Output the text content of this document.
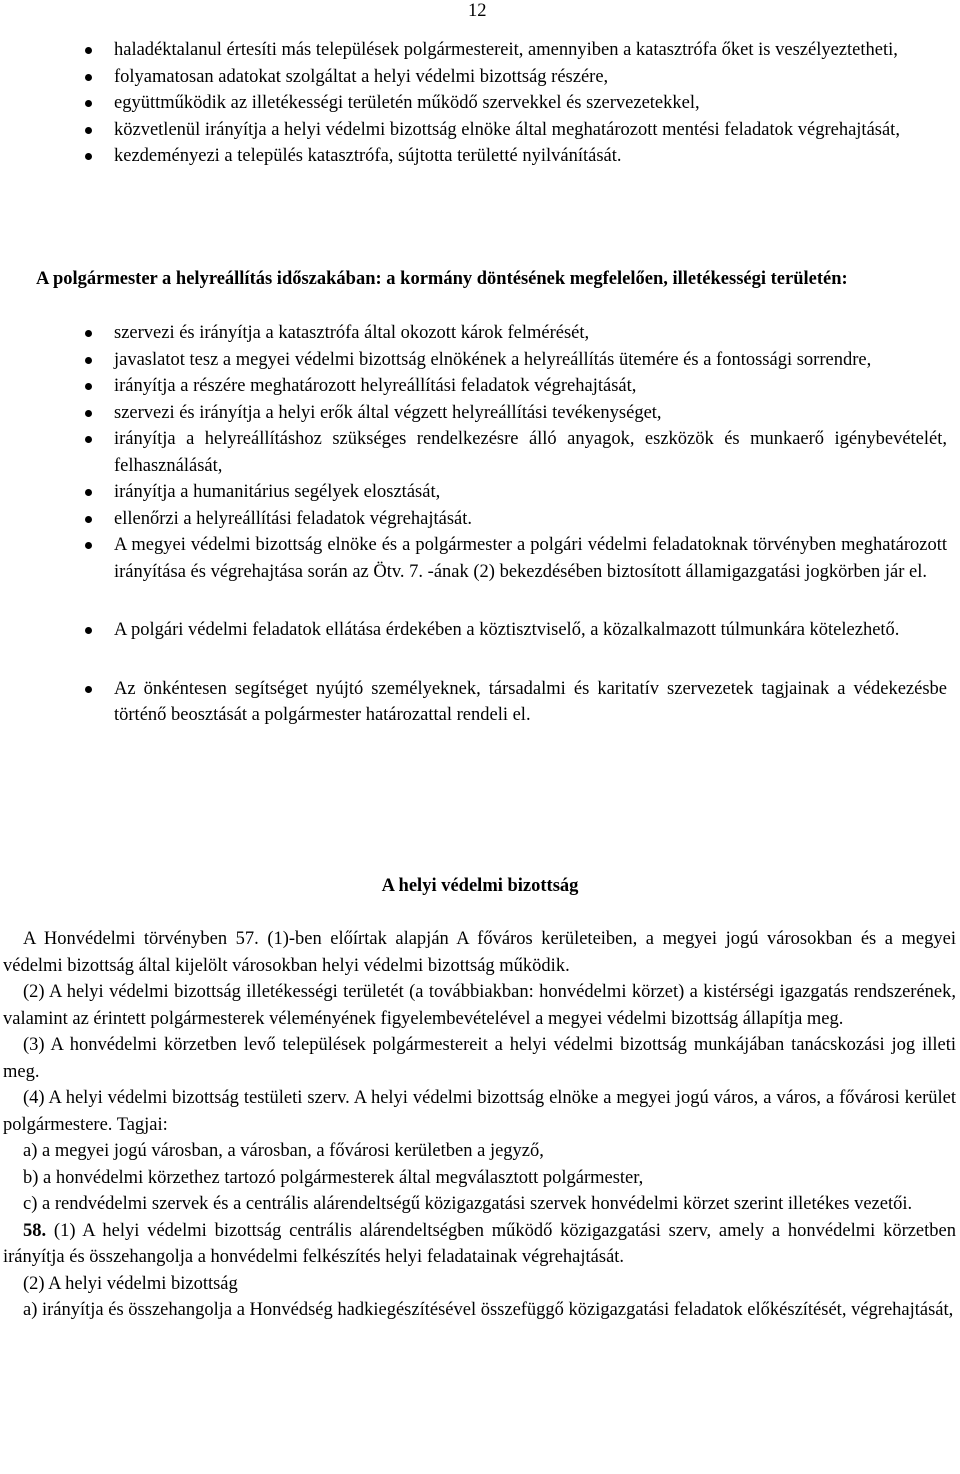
12
haladéktalanul értesíti más települések polgármestereit, amennyiben a katasztrófa őket is veszélyeztetheti,
folyamatosan adatokat szolgáltat a helyi védelmi bizottság részére,
együttműködik az illetékességi területén működő szervekkel és szervezetekkel,
közvetlenül irányítja a helyi védelmi bizottság elnöke által meghatározott mentési feladatok végrehajtását,
kezdeményezi a település katasztrófa, sújtotta területté nyilvánítását.
A polgármester a helyreállítás időszakában: a kormány döntésének megfelelően, illetékességi területén:
szervezi és irányítja a katasztrófa által okozott károk felmérését,
javaslatot tesz a megyei védelmi bizottság elnökének a helyreállítás ütemére és a fontossági sorrendre,
irányítja a részére meghatározott helyreállítási feladatok végrehajtását,
szervezi és irányítja a helyi erők által végzett helyreállítási tevékenységet,
irányítja a helyreállításhoz szükséges rendelkezésre álló anyagok, eszközök és munkaerő igénybevételét, felhasználását,
irányítja a humanitárius segélyek elosztását,
ellenőrzi a helyreállítási feladatok végrehajtását.
A megyei védelmi bizottság elnöke és a polgármester a polgári védelmi feladatoknak törvényben meghatározott irányítása és végrehajtása során az Ötv. 7. -ának (2) bekezdésében biztosított államigazgatási jogkörben jár el.
A polgári védelmi feladatok ellátása érdekében a köztisztviselő, a közalkalmazott túlmunkára kötelezhető.
Az önkéntesen segítséget nyújtó személyeknek, társadalmi és karitatív szervezetek tagjainak a védekezésbe történő beosztását a polgármester határozattal rendeli el.
A helyi védelmi bizottság

A Honvédelmi törvényben 57. (1)-ben előírtak alapján A főváros kerületeiben, a megyei jogú városokban és a megyei védelmi bizottság által kijelölt városokban helyi védelmi bizottság működik.

(2) A helyi védelmi bizottság illetékességi területét (a továbbiakban: honvédelmi körzet) a kistérségi igazgatás rendszerének, valamint az érintett polgármesterek véleményének figyelembevételével a megyei védelmi bizottság állapítja meg.

(3) A honvédelmi körzetben levő települések polgármestereit a helyi védelmi bizottság munkájában tanácskozási jog illeti meg.

(4) A helyi védelmi bizottság testületi szerv. A helyi védelmi bizottság elnöke a megyei jogú város, a város, a fővárosi kerület polgármestere. Tagjai:

a) a megyei jogú városban, a városban, a fővárosi kerületben a jegyző,

b) a honvédelmi körzethez tartozó polgármesterek által megválasztott polgármester,

c) a rendvédelmi szervek és a centrális alárendeltségű közigazgatási szervek honvédelmi körzet szerint illetékes vezetői.

58. (1) A helyi védelmi bizottság centrális alárendeltségben működő közigazgatási szerv, amely a honvédelmi körzetben irányítja és összehangolja a honvédelmi felkészítés helyi feladatainak végrehajtását.

(2) A helyi védelmi bizottság

a) irányítja és összehangolja a Honvédség hadkiegészítésével összefüggő közigazgatási feladatok előkészítését, végrehajtását,
